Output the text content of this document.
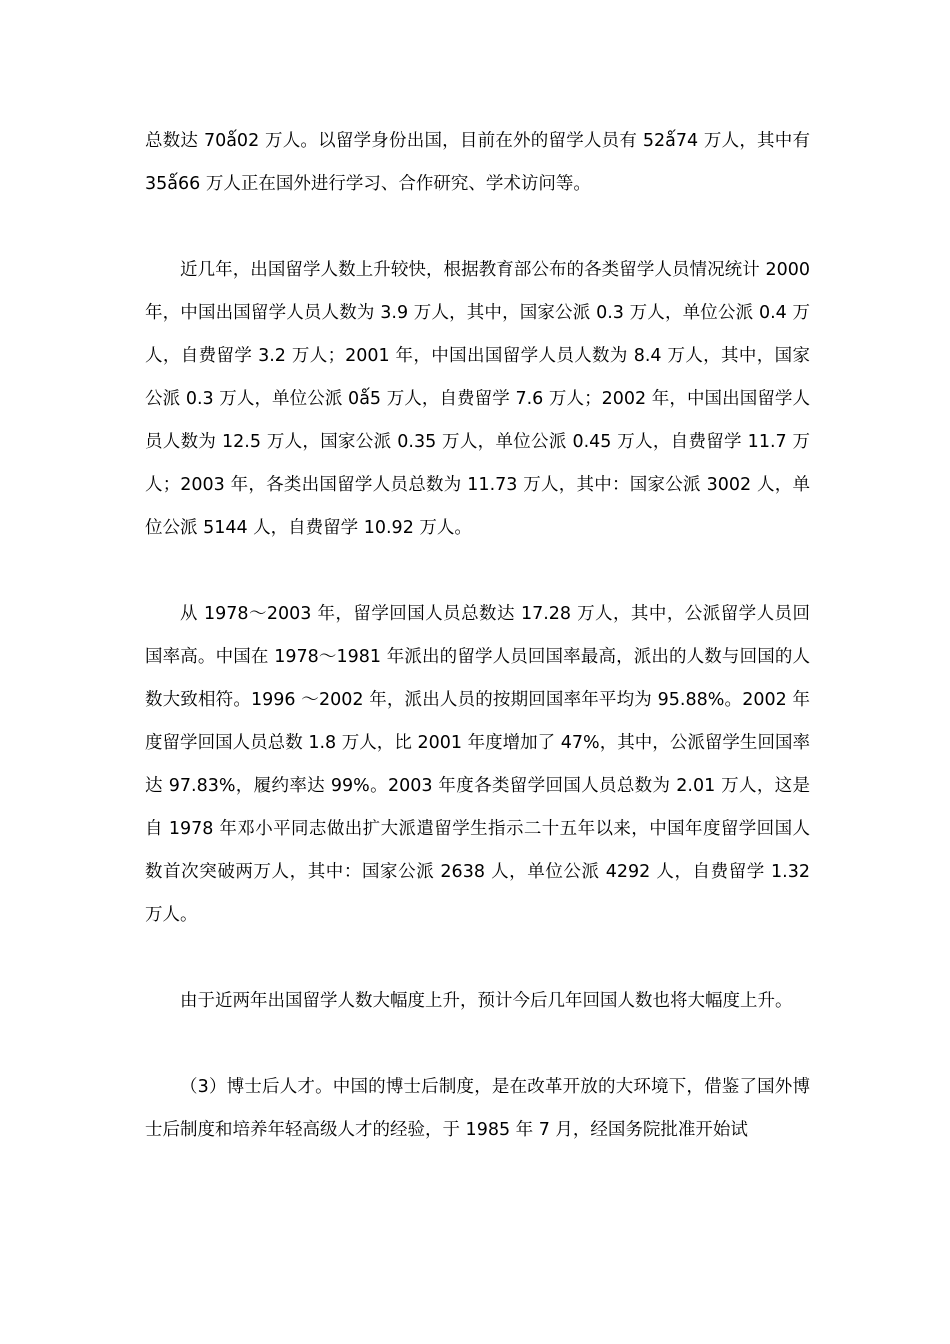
总数达 70ǻ02 万人。以留学身份出国，目前在外的留学人员有 52ǻ74 万人，其中有 35ǻ66 万人正在国外进行学习、合作研究、学术访问等。

近几年，出国留学人数上升较快，根据教育部公布的各类留学人员情况统计 2000 年，中国出国留学人员人数为 3.9 万人，其中，国家公派 0.3 万人，单位公派 0.4 万人，自费留学 3.2 万人；2001 年，中国出国留学人员人数为 8.4 万人，其中，国家公派 0.3 万人，单位公派 0ǻ5 万人，自费留学 7.6 万人；2002 年，中国出国留学人员人数为 12.5 万人，国家公派 0.35 万人，单位公派 0.45 万人，自费留学 11.7 万人；2003 年，各类出国留学人员总数为 11.73 万人，其中：国家公派 3002 人，单位公派 5144 人，自费留学 10.92 万人。

从 1978～2003 年，留学回国人员总数达 17.28 万人，其中，公派留学人员回国率高。中国在 1978～1981 年派出的留学人员回国率最高，派出的人数与回国的人数大致相符。1996 ～2002 年，派出人员的按期回国率年平均为 95.88%。2002 年度留学回国人员总数 1.8 万人，比 2001 年度增加了 47%，其中，公派留学生回国率达 97.83%，履约率达 99%。2003 年度各类留学回国人员总数为 2.01 万人，这是自 1978 年邓小平同志做出扩大派遣留学生指示二十五年以来，中国年度留学回国人数首次突破两万人，其中：国家公派 2638 人，单位公派 4292 人，自费留学 1.32 万人。

由于近两年出国留学人数大幅度上升，预计今后几年回国人数也将大幅度上升。

（3）博士后人才。中国的博士后制度，是在改革开放的大环境下，借鉴了国外博士后制度和培养年轻高级人才的经验，于 1985 年 7 月，经国务院批准开始试
